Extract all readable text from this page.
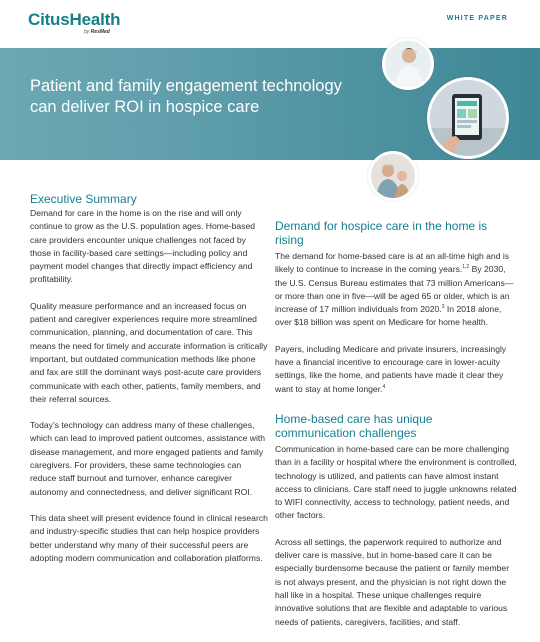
CitusHealth
by ResMed
WHITE PAPER
Patient and family engagement technology
can deliver ROI in hospice care
Executive Summary

Demand for care in the home is on the rise and will only continue to grow as the U.S. population ages. Home-based care providers encounter unique challenges not faced by those in facility-based care settings—including policy and payment model changes that directly impact efficiency and profitability.

Quality measure performance and an increased focus on patient and caregiver experiences require more streamlined communication, planning, and documentation of care. This means the need for timely and accurate information is critically important, but outdated communication methods like phone and fax are still the dominant ways post-acute care providers communicate with each other, patients, family members, and their referral sources.

Today’s technology can address many of these challenges, which can lead to improved patient outcomes, assistance with disease management, and more engaged patients and family caregivers. For providers, these same technologies can reduce staff burnout and turnover, enhance caregiver autonomy and connectedness, and deliver significant ROI.

This data sheet will present evidence found in clinical research and industry-specific studies that can help hospice providers better understand why many of their successful peers are adopting modern communication and collaboration platforms.

Demand for hospice care in the home is rising

The demand for home-based care is at an all-time high and is likely to continue to increase in the coming years.$^{1,2}$ By 2030, the U.S. Census Bureau estimates that 73 million Americans—or more than one in five—will be aged 65 or older, which is an increase of 17 million individuals from 2020.$^3$ In 2018 alone, over $18 billion was spent on Medicare for home health.

Payers, including Medicare and private insurers, increasingly have a financial incentive to encourage care in lower-acuity settings, like the home, and patients have made it clear they want to stay at home longer.$^4$

Home-based care has unique
communication challenges

Communication in home-based care can be more challenging than in a facility or hospital where the environment is controlled, technology is utilized, and patients can have almost instant access to clinicians. Care staff need to juggle unknowns related to WIFI connectivity, access to technology, patient needs, and other factors.

Across all settings, the paperwork required to authorize and deliver care is massive, but in home-based care it can be especially burdensome because the patient or family member is not always present, and the physician is not right down the hall like in a hospital. These unique challenges require innovative solutions that are flexible and adaptable to various needs of patients, caregivers, facilities, and staff.
